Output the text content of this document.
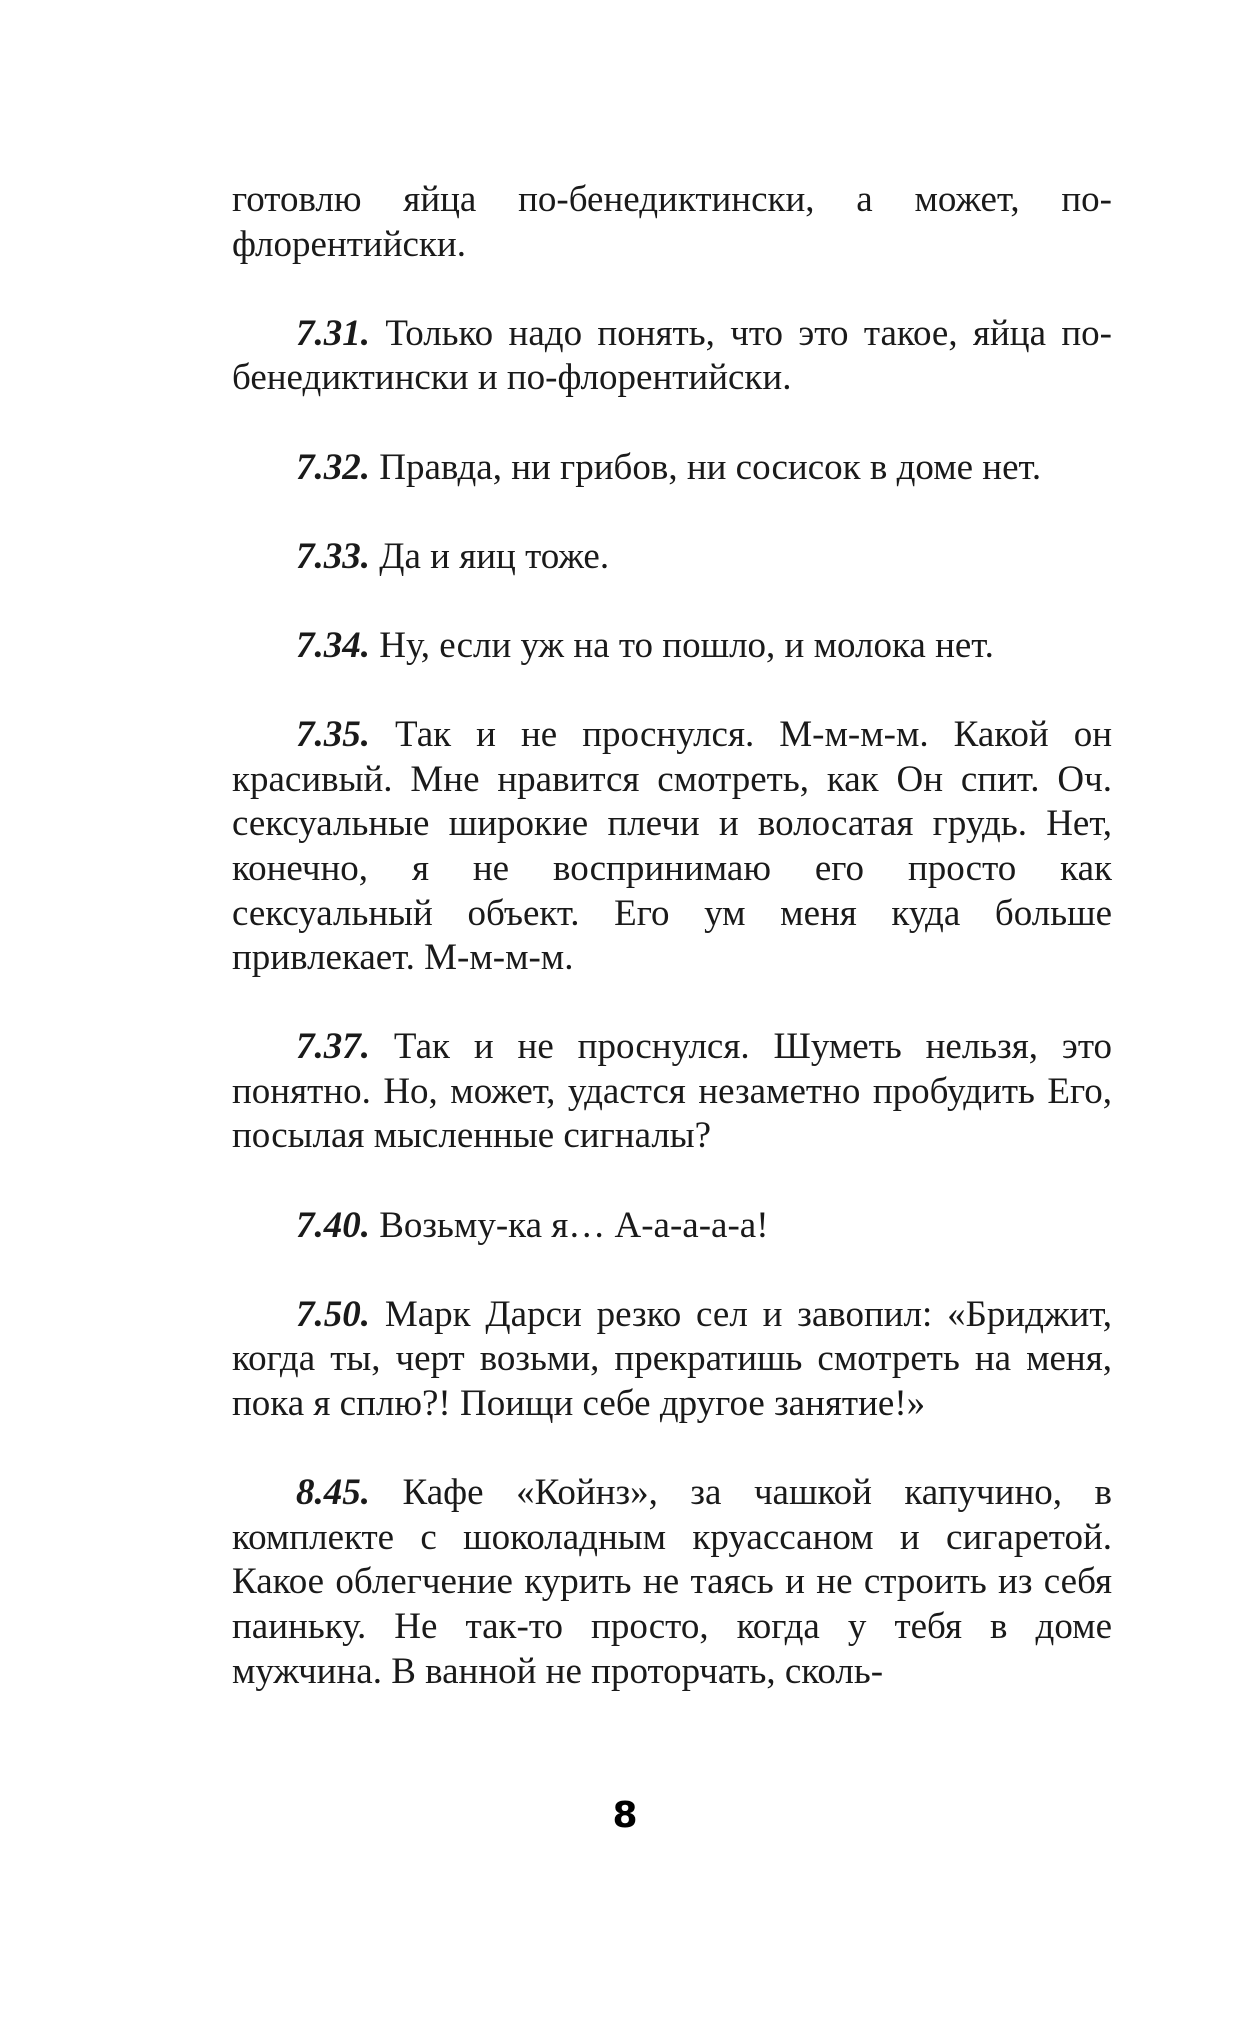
готовлю яйца по-бенедиктински, а может, по-флорентийски.

7.31. Только надо понять, что это такое, яйца по-бенедиктински и по-флорентийски.

7.32. Правда, ни грибов, ни сосисок в доме нет.

7.33. Да и яиц тоже.

7.34. Ну, если уж на то пошло, и молока нет.

7.35. Так и не проснулся. М-м-м-м. Какой он красивый. Мне нравится смотреть, как Он спит. Оч. сексуальные широкие плечи и волосатая грудь. Нет, конечно, я не воспринимаю его просто как сексуальный объект. Его ум меня куда больше привлекает. М-м-м-м.

7.37. Так и не проснулся. Шуметь нельзя, это понятно. Но, может, удастся незаметно пробудить Его, посылая мысленные сигналы?

7.40. Возьму-ка я… А-а-а-а-а!

7.50. Марк Дарси резко сел и завопил: «Бриджит, когда ты, черт возьми, прекратишь смотреть на меня, пока я сплю?! Поищи себе другое занятие!»

8.45. Кафе «Койнз», за чашкой капучино, в комплекте с шоколадным круассаном и сигаретой. Какое облегчение курить не таясь и не строить из себя паиньку. Не так-то просто, когда у тебя в доме мужчина. В ванной не проторчать, сколь-

8
